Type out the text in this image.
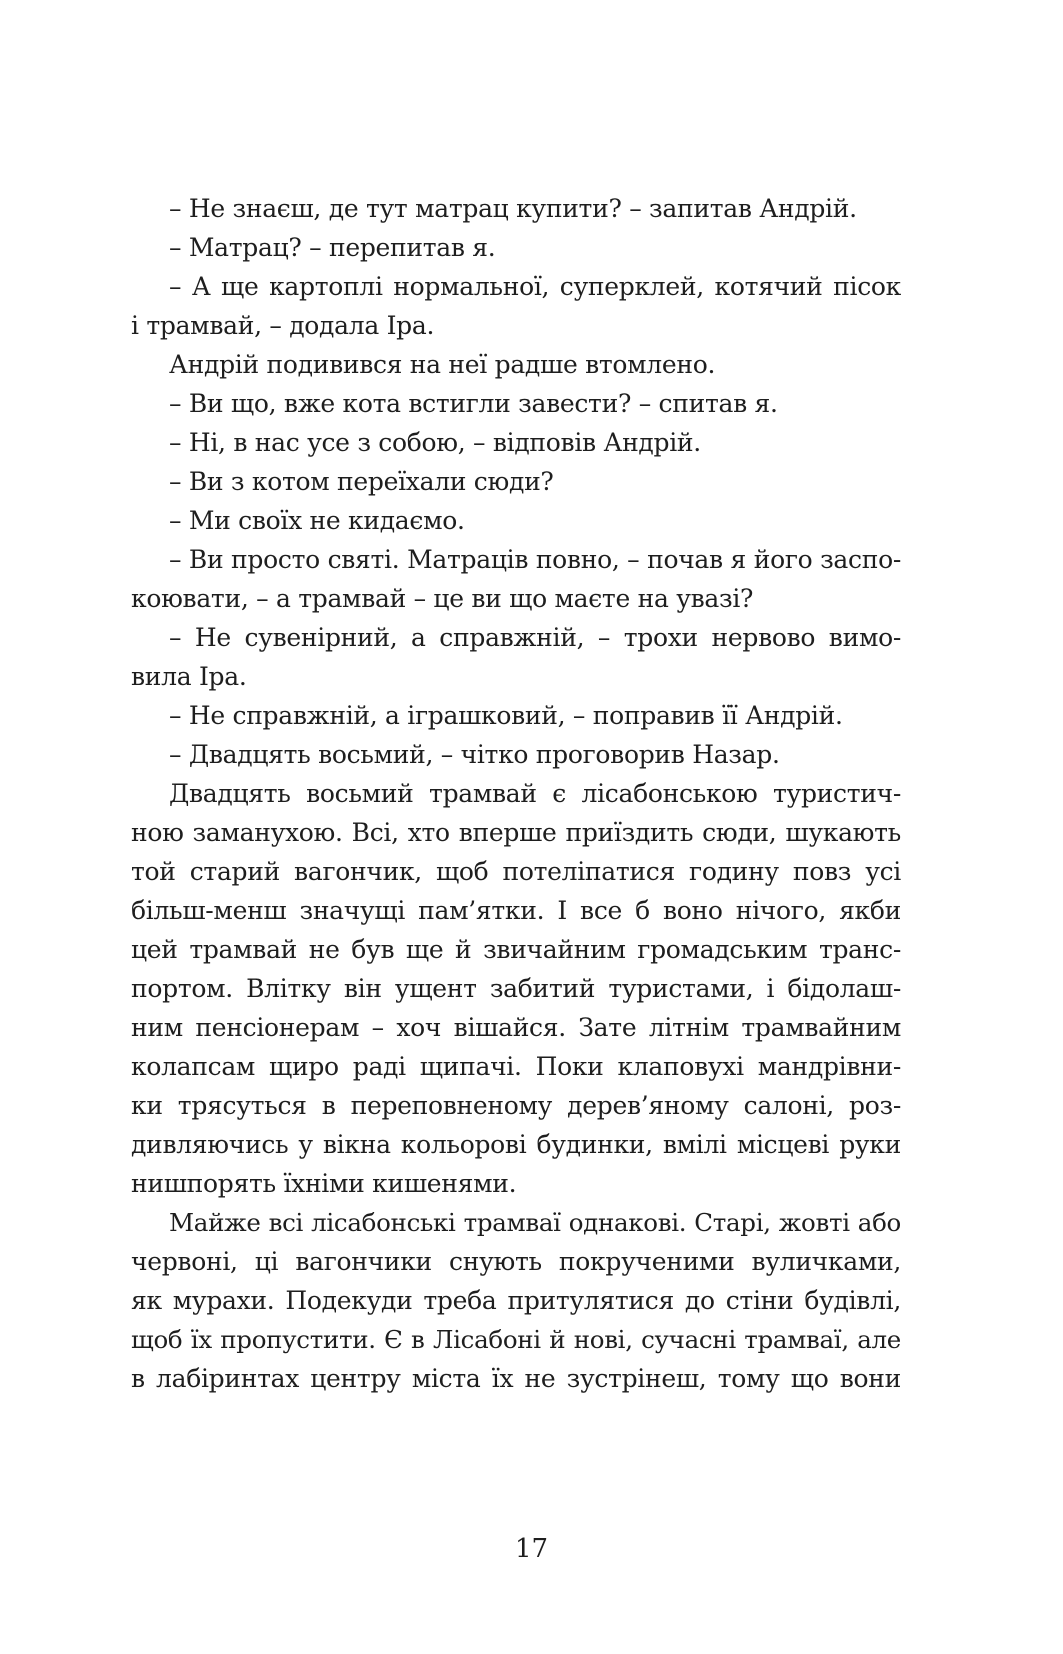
– Не знаєш, де тут матрац купити? – запитав Андрій.
– Матрац? – перепитав я.
– А ще картоплі нормальної, суперклей, котячий пісок
і трамвай, – додала Іра.
Андрій подивився на неї радше втомлено.
– Ви що, вже кота встигли завести? – спитав я.
– Ні, в нас усе з собою, – відповів Андрій.
– Ви з котом переїхали сюди?
– Ми своїх не кидаємо.
– Ви просто святі. Матраців повно, – почав я його заспо-
коювати, – а трамвай – це ви що маєте на увазі?
– Не сувенірний, а справжній, – трохи нервово вимо-
вила Іра.
– Не справжній, а іграшковий, – поправив її Андрій.
– Двадцять восьмий, – чітко проговорив Назар.
Двадцять восьмий трамвай є лісабонською туристич-
ною заманухою. Всі, хто вперше приїздить сюди, шукають
той старий вагончик, щоб потеліпатися годину повз усі
більш-менш значущі пам’ятки. І все б воно нічого, якби
цей трамвай не був ще й звичайним громадським транс-
портом. Влітку він ущент забитий туристами, і бідолаш-
ним пенсіонерам – хоч вішайся. Зате літнім трамвайним
колапсам щиро раді щипачі. Поки клаповухі мандрівни-
ки трясуться в переповненому дерев’яному салоні, роз-
дивляючись у вікна кольорові будинки, вмілі місцеві руки
нишпорять їхніми кишенями.
Майже всі лісабонські трамваї однакові. Старі, жовті або
червоні, ці вагончики снують покрученими вуличками,
як мурахи. Подекуди треба притулятися до стіни будівлі,
щоб їх пропустити. Є в Лісабоні й нові, сучасні трамваї, але
в лабіринтах центру міста їх не зустрінеш, тому що вони
17
